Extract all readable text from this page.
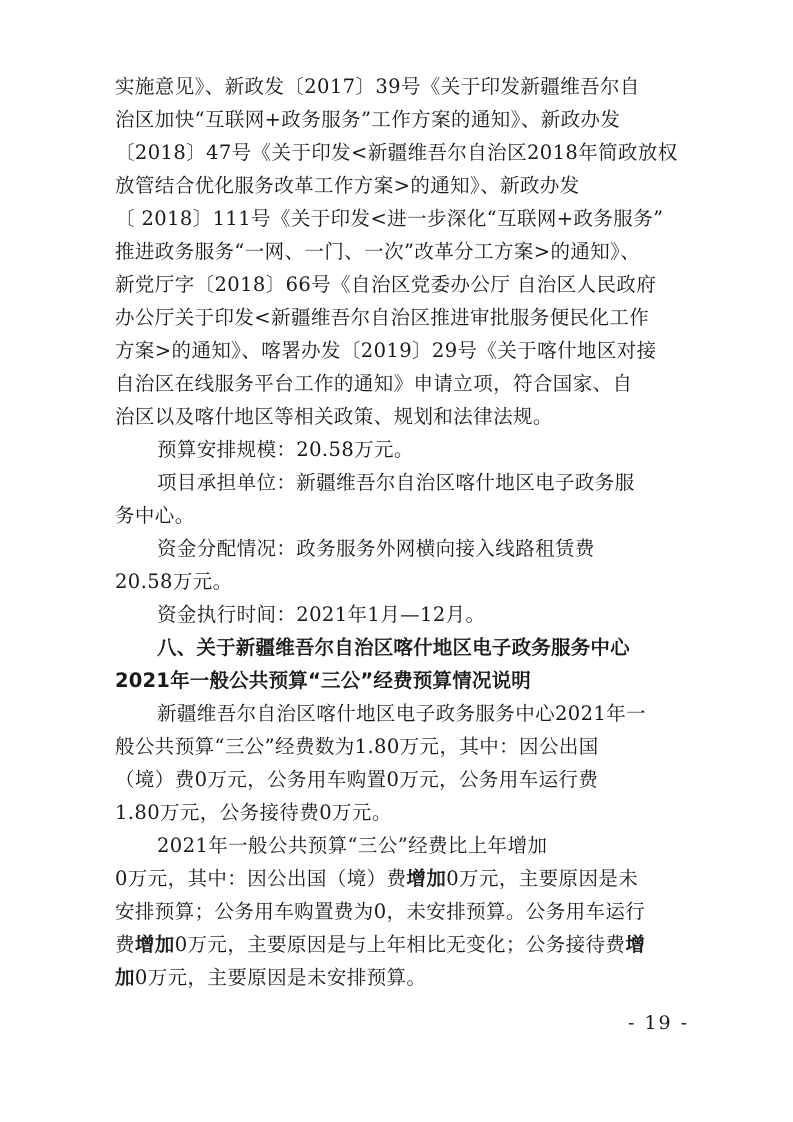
实施意见》、新政发〔2017〕39号《关于印发新疆维吾尔自
治区加快“互联网+政务服务”工作方案的通知》、新政办发
〔2018〕47号《关于印发<新疆维吾尔自治区2018年简政放权
放管结合优化服务改革工作方案>的通知》、新政办发
〔 2018〕111号《关于印发<进一步深化“互联网+政务服务”
推进政务服务“一网、一门、一次”改革分工方案>的通知》、
新党厅字〔2018〕66号《自治区党委办公厅 自治区人民政府
办公厅关于印发<新疆维吾尔自治区推进审批服务便民化工作
方案>的通知》、喀署办发〔2019〕29号《关于喀什地区对接
自治区在线服务平台工作的通知》申请立项，符合国家、自
治区以及喀什地区等相关政策、规划和法律法规。
预算安排规模：20.58万元。
项目承担单位：新疆维吾尔自治区喀什地区电子政务服
务中心。
资金分配情况：政务服务外网横向接入线路租赁费
20.58万元。
资金执行时间：2021年1月—12月。
八、关于新疆维吾尔自治区喀什地区电子政务服务中心
2021年一般公共预算“三公”经费预算情况说明
新疆维吾尔自治区喀什地区电子政务服务中心2021年一
般公共预算“三公”经费数为1.80万元，其中：因公出国
（境）费0万元，公务用车购置0万元，公务用车运行费
1.80万元，公务接待费0万元。
2021年一般公共预算“三公”经费比上年增加
0万元，其中：因公出国（境）费增加0万元，主要原因是未
安排预算；公务用车购置费为0，未安排预算。公务用车运行
费增加0万元，主要原因是与上年相比无变化；公务接待费增
加0万元，主要原因是未安排预算。
- 19 -
